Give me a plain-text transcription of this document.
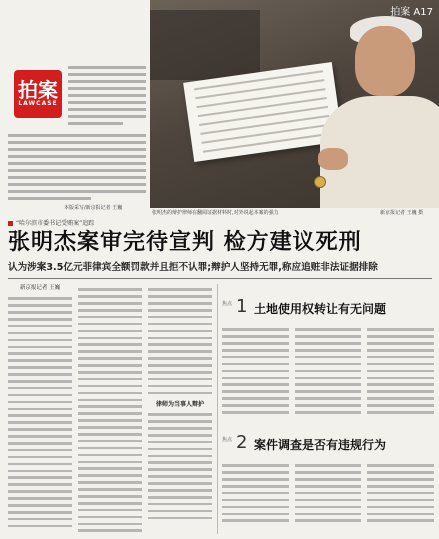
拍案
LAWCASE
本版采写/新京报记者 王巍
拍案 A17
张明杰的辩护律师在翻阅证据材料时,对外说起本案的强力	新京报记者 王巍 摄
“哈尔滨市委书记受贿案”追踪
张明杰案审完待宣判 检方建议死刑
认为涉案3.5亿元菲律宾全额罚款并且拒不认罪;辩护人坚持无罪,称应追赃非法证据排除
新京报记者 王巍
律师为当事人辩护
焦点 1 土地使用权转让有无问题
焦点 2 案件调查是否有违规行为
